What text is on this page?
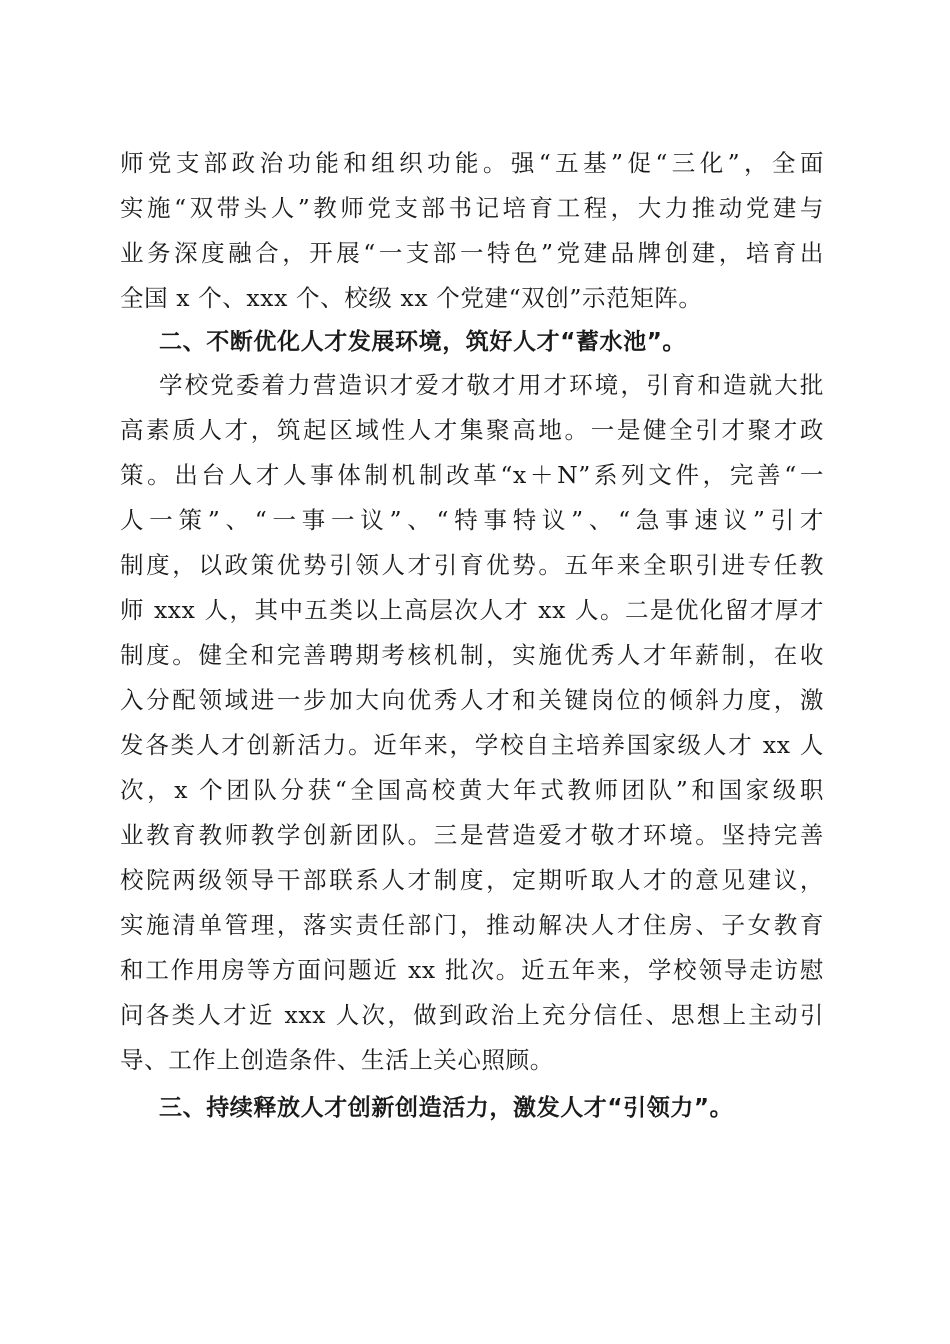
师党支部政治功能和组织功能。强“五基”促“三化”，全面
实施“双带头人”教师党支部书记培育工程，大力推动党建与
业务深度融合，开展“一支部一特色”党建品牌创建，培育出
全国 x 个、xxx 个、校级 xx 个党建“双创”示范矩阵。
二、不断优化人才发展环境，筑好人才“蓄水池”。
学校党委着力营造识才爱才敬才用才环境，引育和造就大批
高素质人才，筑起区域性人才集聚高地。一是健全引才聚才政
策。出台人才人事体制机制改革“x＋N”系列文件，完善“一
人一策”、“一事一议”、“特事特议”、“急事速议”引才
制度，以政策优势引领人才引育优势。五年来全职引进专任教
师 xxx 人，其中五类以上高层次人才 xx 人。二是优化留才厚才
制度。健全和完善聘期考核机制，实施优秀人才年薪制，在收
入分配领域进一步加大向优秀人才和关键岗位的倾斜力度，激
发各类人才创新活力。近年来，学校自主培养国家级人才 xx 人
次，x 个团队分获“全国高校黄大年式教师团队”和国家级职
业教育教师教学创新团队。三是营造爱才敬才环境。坚持完善
校院两级领导干部联系人才制度，定期听取人才的意见建议，
实施清单管理，落实责任部门，推动解决人才住房、子女教育
和工作用房等方面问题近 xx 批次。近五年来，学校领导走访慰
问各类人才近 xxx 人次，做到政治上充分信任、思想上主动引
导、工作上创造条件、生活上关心照顾。
三、持续释放人才创新创造活力，激发人才“引领力”。
